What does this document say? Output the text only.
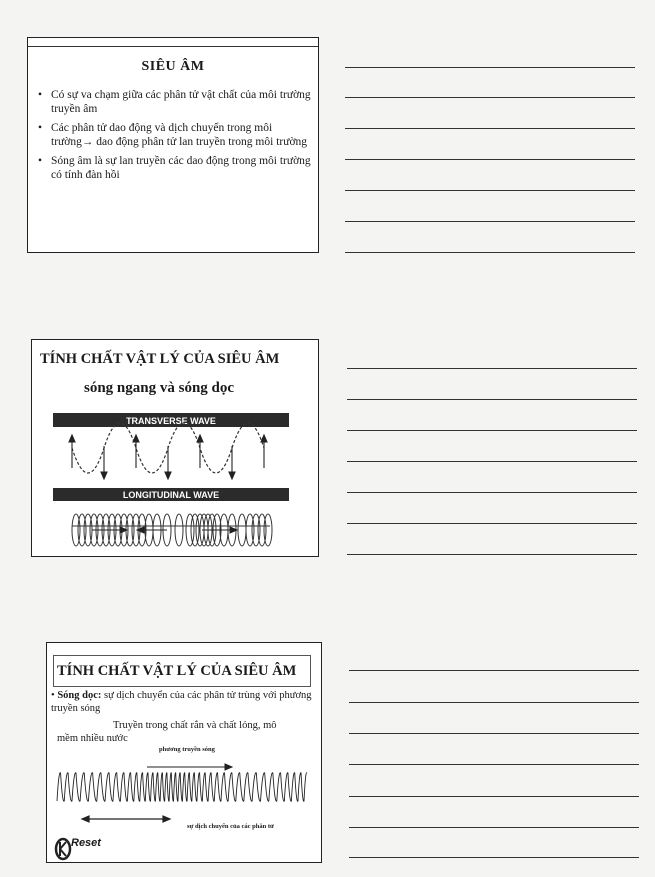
SIÊU ÂM
• Có sự va chạm giữa các phân tử vật chất của môi trường truyền âm
• Các phân tử dao động và dịch chuyển trong môi trường→ dao động phân tử lan truyền trong môi trường
• Sóng âm là sự lan truyền các dao động trong môi trường có tính đàn hồi
TÍNH CHẤT VẬT LÝ CỦA SIÊU ÂM
sóng ngang và sóng dọc
TRANSVERSE WAVE
LONGITUDINAL WAVE
TÍNH CHẤT VẬT LÝ CỦA SIÊU ÂM
• Sóng dọc: sự dịch chuyển của các phân tử trùng với phương truyền sóng
Truyền trong chất rắn và chất lỏng, mô
mềm nhiều nước
phương truyền sóng
sự dịch chuyển của các phân tử
Reset
